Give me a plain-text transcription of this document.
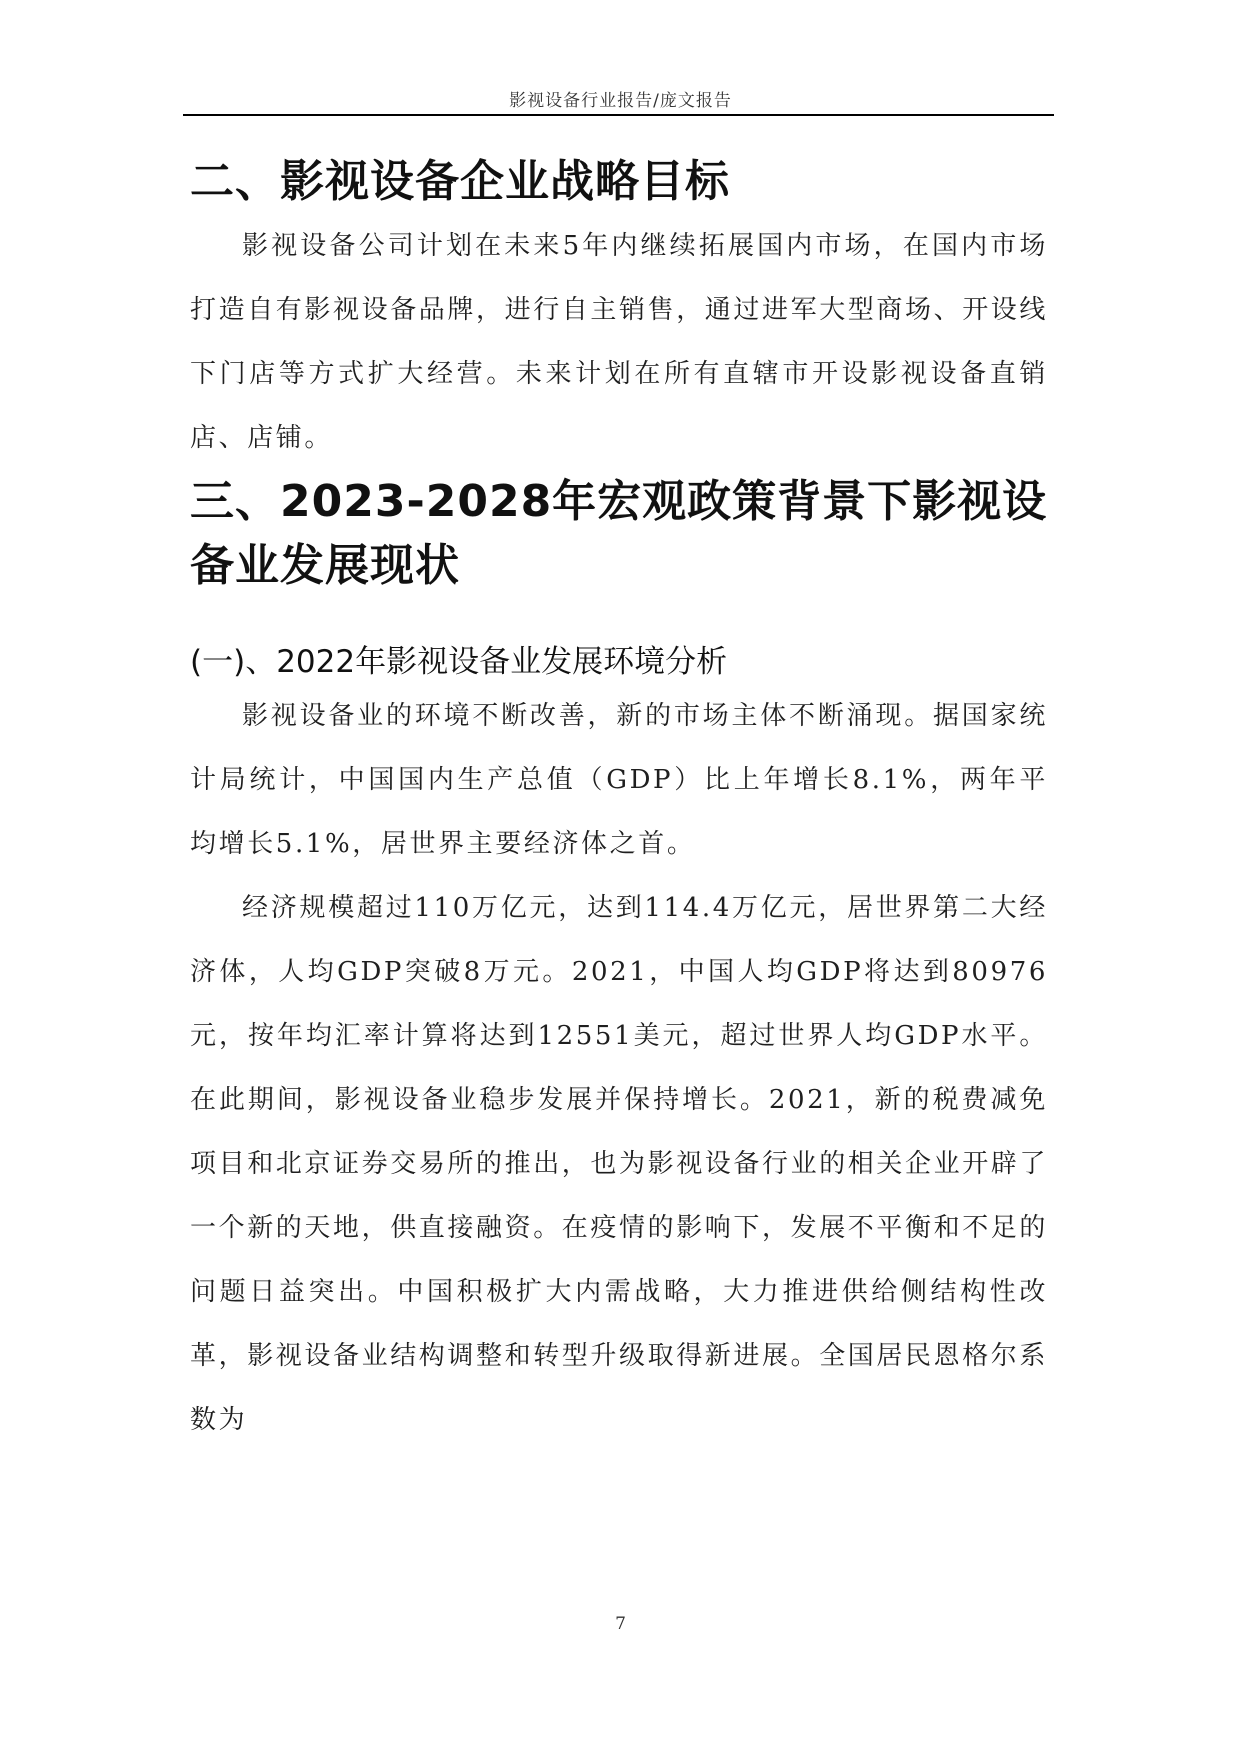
影视设备行业报告/庞文报告
二、影视设备企业战略目标

影视设备公司计划在未来5年内继续拓展国内市场，在国内市场打造自有影视设备品牌，进行自主销售，通过进军大型商场、开设线下门店等方式扩大经营。未来计划在所有直辖市开设影视设备直销店、店铺。

三、2023-2028年宏观政策背景下影视设备业发展现状
(一)、2022年影视设备业发展环境分析

影视设备业的环境不断改善，新的市场主体不断涌现。据国家统计局统计，中国国内生产总值（GDP）比上年增长8.1%，两年平均增长5.1%，居世界主要经济体之首。

经济规模超过110万亿元，达到114.4万亿元，居世界第二大经济体，人均GDP突破8万元。2021，中国人均GDP将达到80976元，按年均汇率计算将达到12551美元，超过世界人均GDP水平。在此期间，影视设备业稳步发展并保持增长。2021，新的税费减免项目和北京证券交易所的推出，也为影视设备行业的相关企业开辟了一个新的天地，供直接融资。在疫情的影响下，发展不平衡和不足的问题日益突出。中国积极扩大内需战略，大力推进供给侧结构性改革，影视设备业结构调整和转型升级取得新进展。全国居民恩格尔系数为

7
